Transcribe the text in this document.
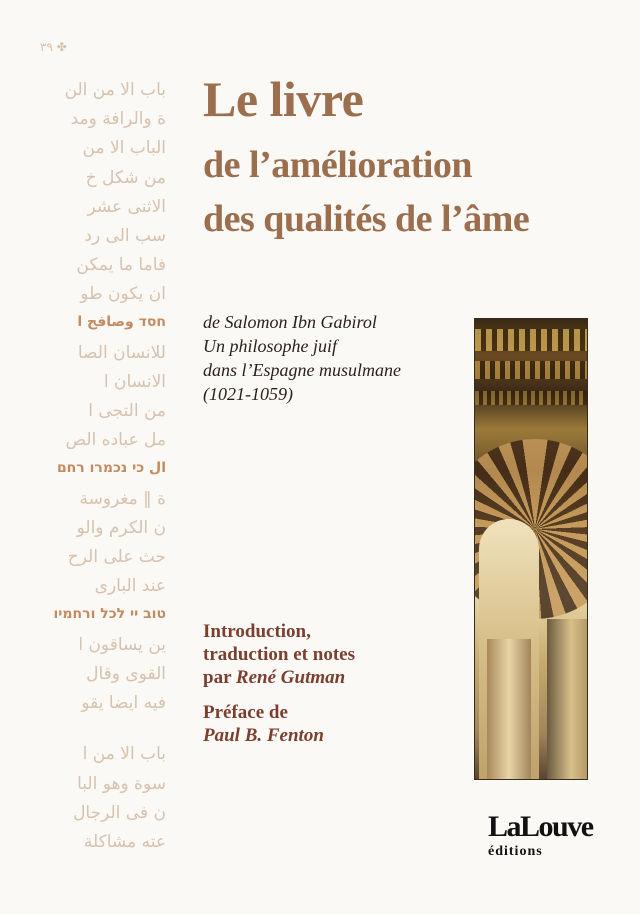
٣٩ ✤
باب الا من الن
ة والرافة ومد
الباب الا من
من شكل خ
الاثنى عشر
سب الى رد
فاما ما يمكن
ان يكون طو
חסד وصافح ا
للانسان الصا
الانسان ا
من التجى ا
مل عباده الص
ال כי נכמרו רחם
ة ‖ مغروسة
ن الكرم والو
حث على الرح
عند البارى
טוב יי לכל ורחמיו
ين يساقون ا
القوى وقال
فيه ايضا يقو
باب الا من ا
سوة وهو البا
ن فى الرجال
عته مشاكلة
Le livre
de l’amélioration
des qualités de l’âme
de Salomon Ibn Gabirol
Un philosophe juif
dans l’Espagne musulmane
(1021-1059)
Introduction,
traduction et notes
par René Gutman
Préface de
Paul B. Fenton
LaLouve
éditions
